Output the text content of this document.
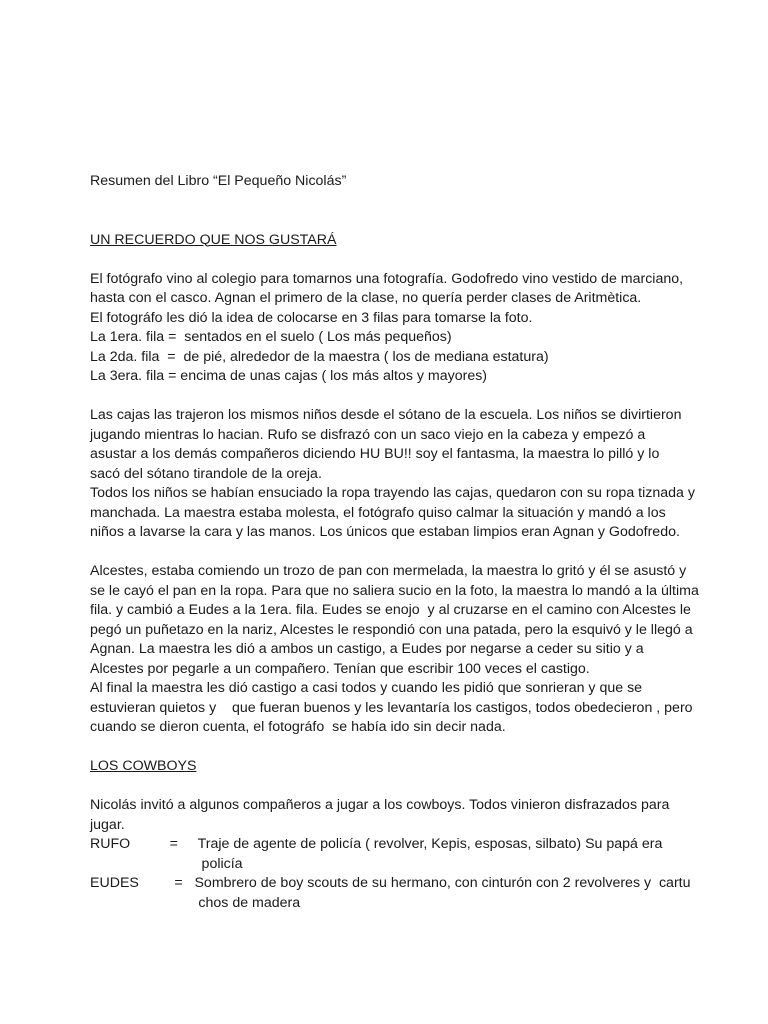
Resumen del Libro “El Pequeño Nicolás”
UN RECUERDO QUE NOS GUSTARÁ
El fotógrafo vino al colegio para tomarnos una fotografía. Godofredo vino vestido de marciano,
hasta con el casco. Agnan el primero de la clase, no quería perder clases de Aritmètica.
El fotográfo les dió la idea de colocarse en 3 filas para tomarse la foto.
La 1era. fila =  sentados en el suelo ( Los más pequeños)
La 2da. fila  =  de pié, alrededor de la maestra ( los de mediana estatura)
La 3era. fila = encima de unas cajas ( los más altos y mayores)
Las cajas las trajeron los mismos niños desde el sótano de la escuela. Los niños se divirtieron
jugando mientras lo hacian. Rufo se disfrazó con un saco viejo en la cabeza y empezó a
asustar a los demás compañeros diciendo HU BU!! soy el fantasma, la maestra lo pilló y lo
sacó del sótano tirandole de la oreja.
Todos los niños se habían ensuciado la ropa trayendo las cajas, quedaron con su ropa tiznada y
manchada. La maestra estaba molesta, el fotógrafo quiso calmar la situación y mandó a los
niños a lavarse la cara y las manos. Los únicos que estaban limpios eran Agnan y Godofredo.
Alcestes, estaba comiendo un trozo de pan con mermelada, la maestra lo gritó y él se asustó y
se le cayó el pan en la ropa. Para que no saliera sucio en la foto, la maestra lo mandó a la última
fila. y cambió a Eudes a la 1era. fila. Eudes se enojo  y al cruzarse en el camino con Alcestes le
pegó un puñetazo en la nariz, Alcestes le respondió con una patada, pero la esquivó y le llegó a
Agnan. La maestra les dió a ambos un castigo, a Eudes por negarse a ceder su sitio y a
Alcestes por pegarle a un compañero. Tenían que escribir 100 veces el castigo.
Al final la maestra les dió castigo a casi todos y cuando les pidió que sonrieran y que se
estuvieran quietos y    que fueran buenos y les levantaría los castigos, todos obedecieron , pero
cuando se dieron cuenta, el fotográfo  se había ido sin decir nada.
LOS COWBOYS
Nicolás invitó a algunos compañeros a jugar a los cowboys. Todos vinieron disfrazados para
jugar.
RUFO          = Traje de agente de policía ( revolver, Kepis, esposas, silbato) Su papá era
policía
EUDES         = Sombrero de boy scouts de su hermano, con cinturón con 2 revolveres y  cartu
chos de madera
